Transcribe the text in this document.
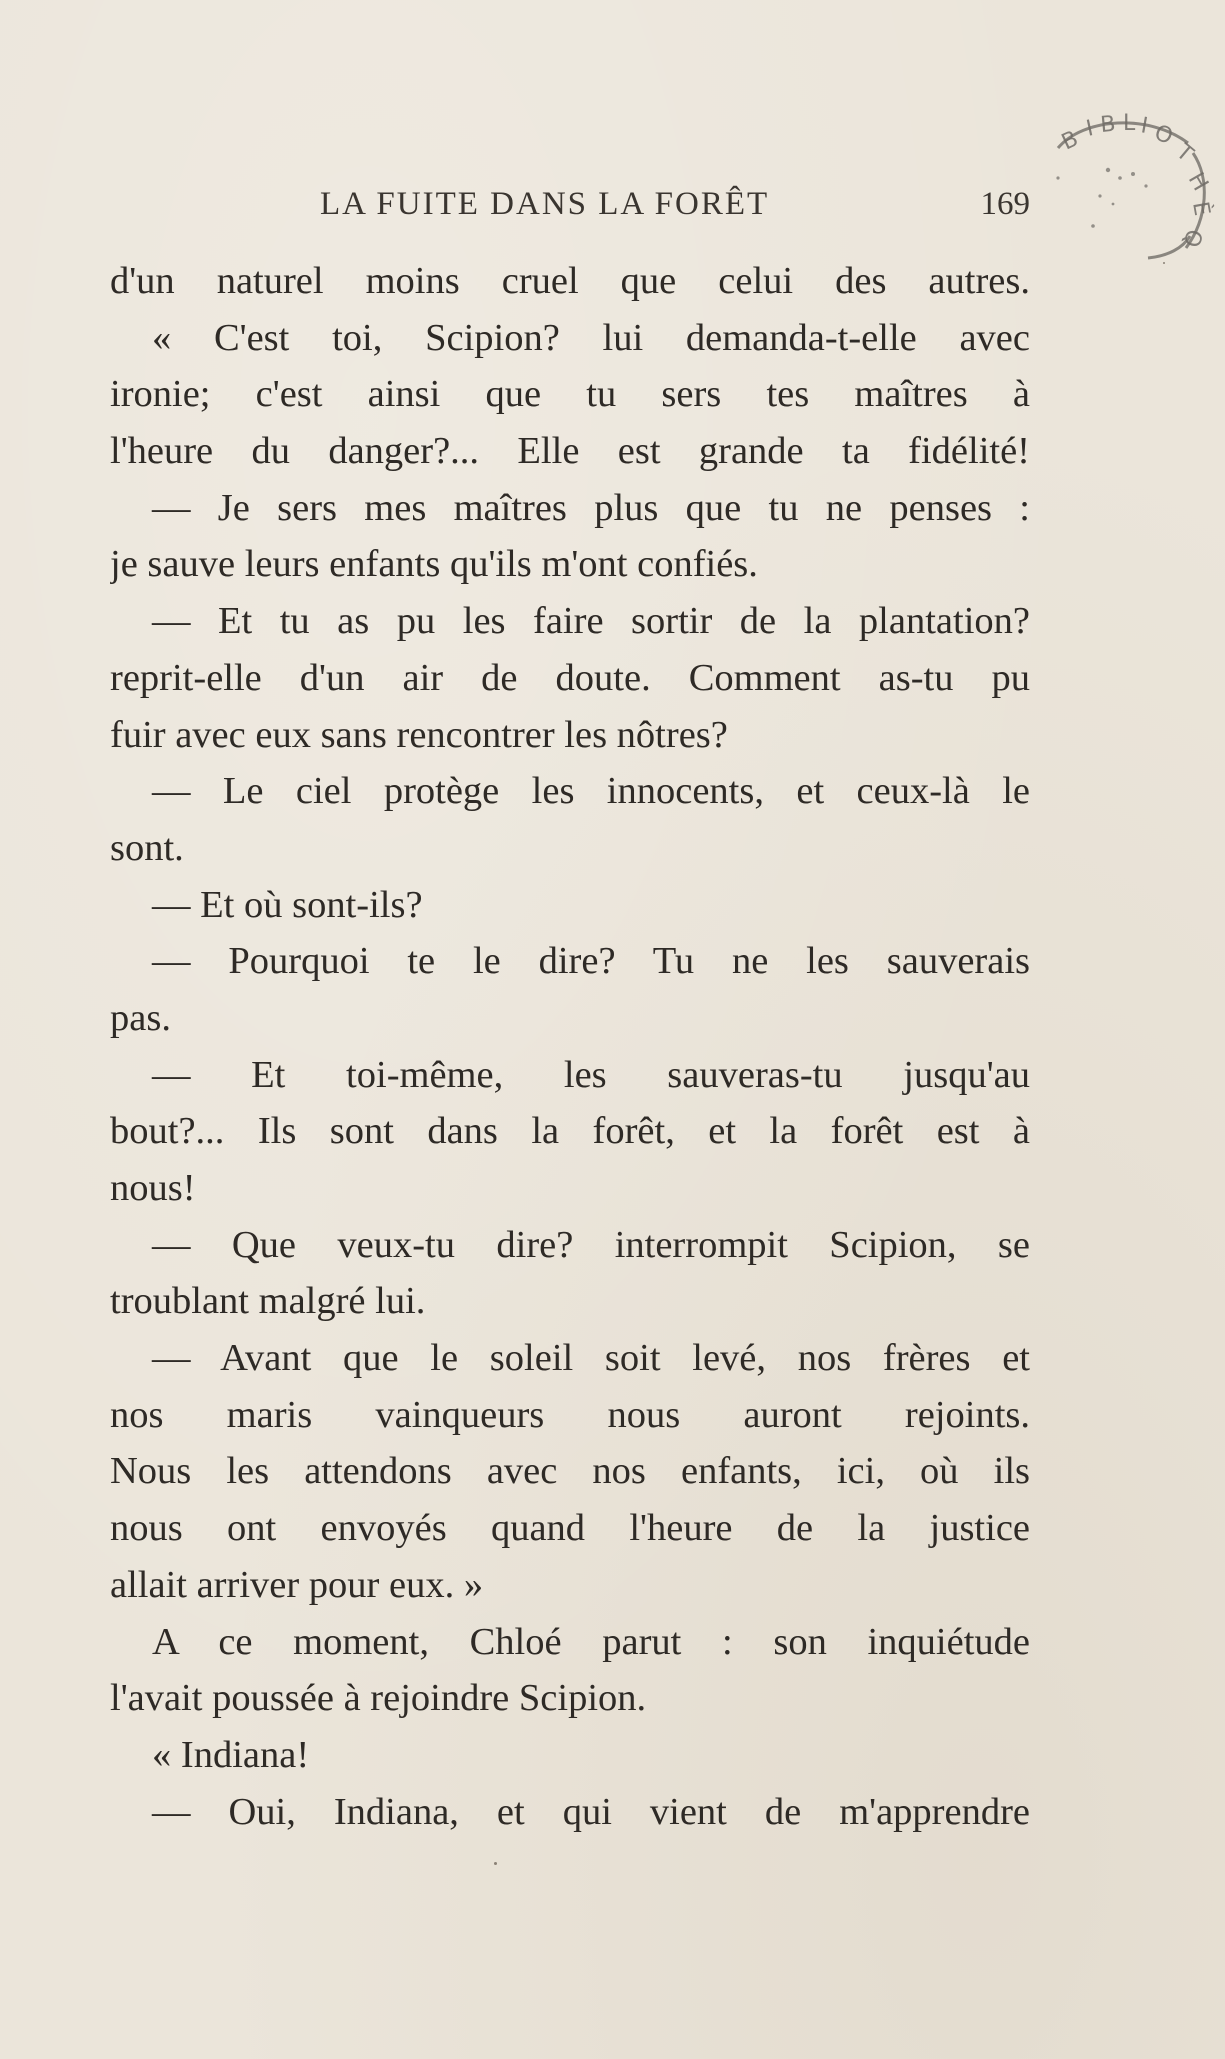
LA FUITE DANS LA FORÊT	169
B I B L I O
T
H
È
Q
d'un naturel moins cruel que celui des autres.
« C'est toi, Scipion? lui demanda-t-elle avec
ironie; c'est ainsi que tu sers tes maîtres à
l'heure du danger?... Elle est grande ta fidélité!
— Je sers mes maîtres plus que tu ne penses :
je sauve leurs enfants qu'ils m'ont confiés.
— Et tu as pu les faire sortir de la plantation?
reprit-elle d'un air de doute. Comment as-tu pu
fuir avec eux sans rencontrer les nôtres?
— Le ciel protège les innocents, et ceux-là le
sont.
— Et où sont-ils?
— Pourquoi te le dire? Tu ne les sauverais
pas.
— Et toi-même, les sauveras-tu jusqu'au
bout?... Ils sont dans la forêt, et la forêt est à
nous!
— Que veux-tu dire? interrompit Scipion, se
troublant malgré lui.
— Avant que le soleil soit levé, nos frères et
nos maris vainqueurs nous auront rejoints.
Nous les attendons avec nos enfants, ici, où ils
nous ont envoyés quand l'heure de la justice
allait arriver pour eux. »
A ce moment, Chloé parut : son inquiétude
l'avait poussée à rejoindre Scipion.
« Indiana!
— Oui, Indiana, et qui vient de m'apprendre
